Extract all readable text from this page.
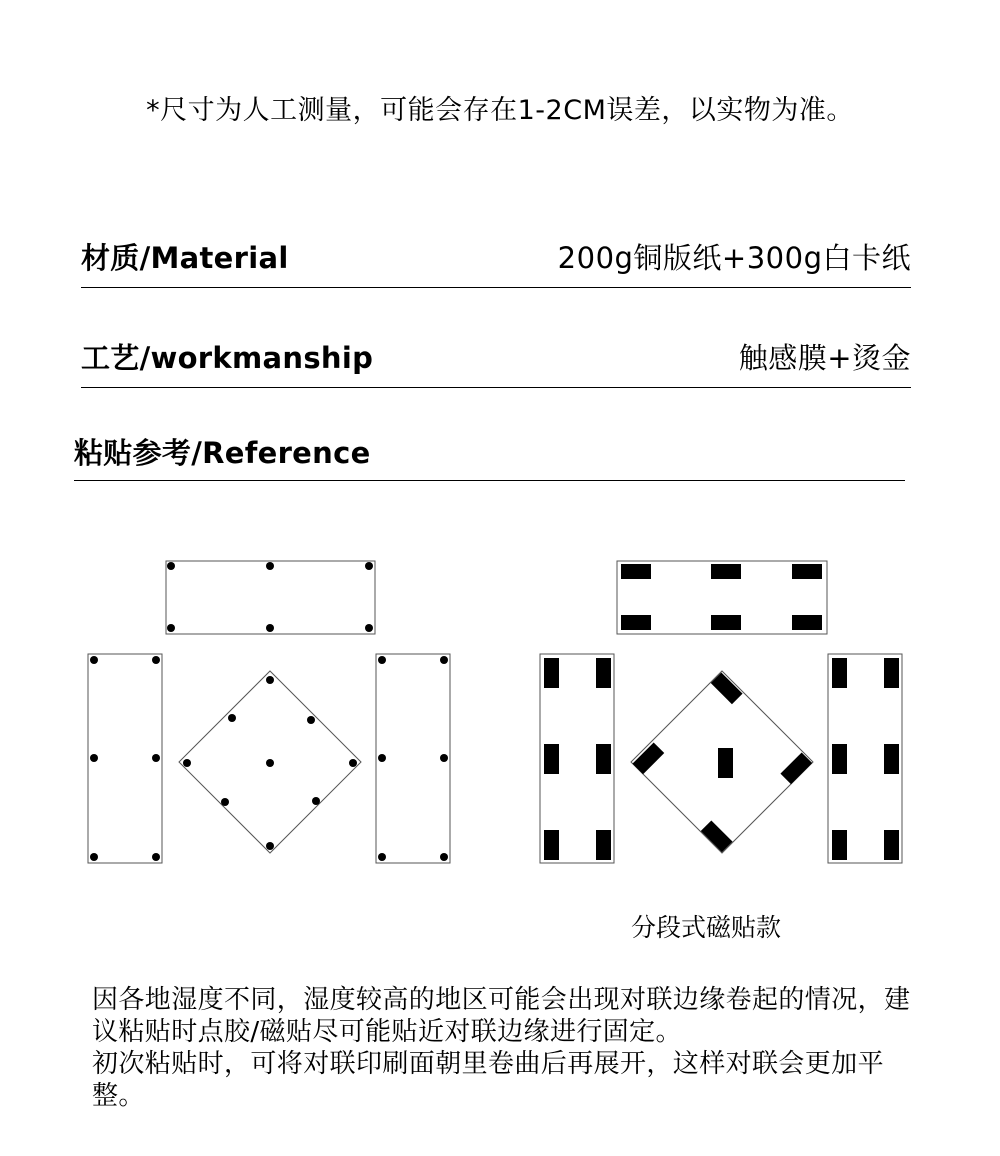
*尺寸为人工测量，可能会存在1-2CM误差，以实物为准。
材质/Material	200g铜版纸+300g白卡纸
工艺/workmanship	触感膜+烫金
粘贴参考/Reference
分段式磁贴款

因各地湿度不同，湿度较高的地区可能会出现对联边缘卷起的情况，建议粘贴时点胶/磁贴尽可能贴近对联边缘进行固定。

初次粘贴时，可将对联印刷面朝里卷曲后再展开，这样对联会更加平整。
